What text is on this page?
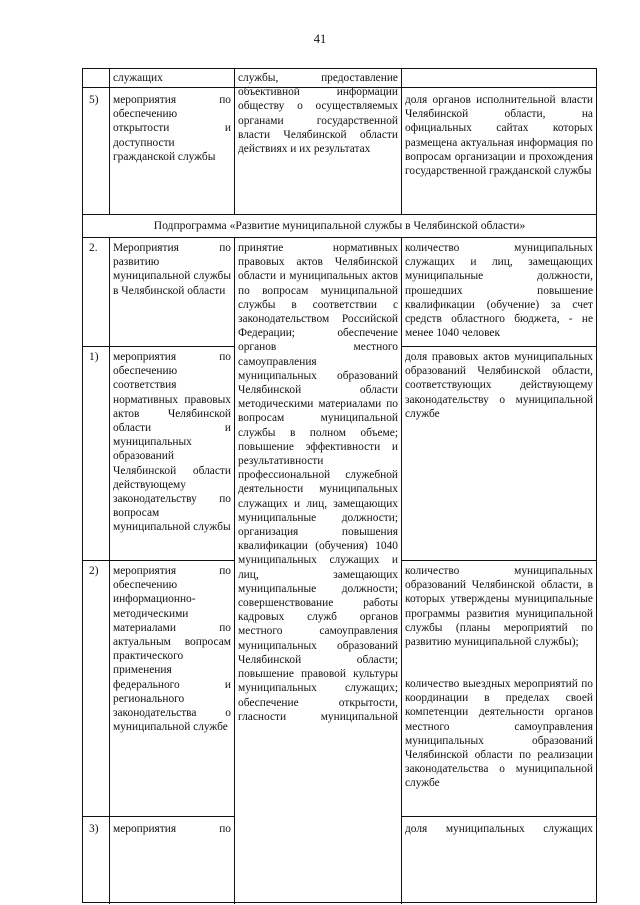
41
служащих
5) мероприятия по обеспечению открытости и доступности гражданской службы
службы, предоставление объективной информации обществу о осуществляемых органами государственной власти Челябинской области действиях и их результатах
доля органов исполнительной власти Челябинской области, на официальных сайтах которых размещена актуальная информация по вопросам организации и прохождения государственной гражданской службы
Подпрограмма «Развитие муниципальной службы в Челябинской области»
2. Мероприятия по развитию муниципальной службы в Челябинской области
количество муниципальных служащих и лиц, замещающих муниципальные должности, прошедших повышение квалификации (обучение) за счет средств областного бюджета, - не менее 1040 человек
принятие нормативных правовых актов Челябинской области и муниципальных актов по вопросам муниципальной службы в соответствии с законодательством Российской Федерации; обеспечение органов местного самоуправления муниципальных образований Челябинской области методическими материалами по вопросам муниципальной службы в полном объеме; повышение эффективности и результативности профессиональной служебной деятельности муниципальных служащих и лиц, замещающих муниципальные должности; организация повышения квалификации (обучения) 1040 муниципальных служащих и лиц, замещающих муниципальные должности; совершенствование работы кадровых служб органов местного самоуправления муниципальных образований Челябинской области; повышение правовой культуры муниципальных служащих; обеспечение открытости, гласности муниципальной
1) мероприятия по обеспечению соответствия нормативных правовых актов Челябинской области и муниципальных образований Челябинской области действующему законодательству по вопросам муниципальной службы
доля правовых актов муниципальных образований Челябинской области, соответствующих действующему законодательству о муниципальной службе
2) мероприятия по обеспечению информационно-методическими материалами по актуальным вопросам практического применения федерального и регионального законодательства о муниципальной службе
количество муниципальных образований Челябинской области, в которых утверждены муниципальные программы развития муниципальной службы (планы мероприятий по развитию муниципальной службы);
количество выездных мероприятий по координации в пределах своей компетенции деятельности органов местного самоуправления муниципальных образований Челябинской области по реализации законодательства о муниципальной службе
3) мероприятия по	доля муниципальных служащих
